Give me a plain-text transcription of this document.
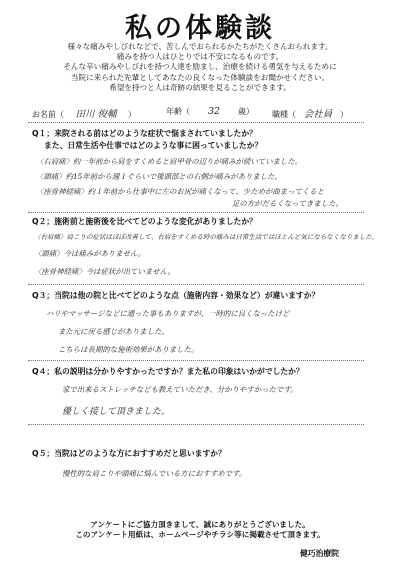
私の体験談
様々な痛みやしびれなどで、苦しんでおられるかたちがたくさんおられます。
痛みを持つ人はひとりでは不安になるものです。
そんな辛い痛みやしびれを持つ人達を励まし、治療を続ける勇気を与えるために
当院に来られた先輩としてあなたの良くなった体験談をお聞かせください。
希望を持つと人は奇跡の結果を見ることができます。
お名前（ 田川 俊輔 ）	年齢（ 32 歳） 職種（ 会社員 ）
Q１；来院される前はどのような症状で悩まされていましたか？
また、日常生活や仕事ではどのような事に困っていましたか？
〈右肩痛〉約一年前から肩をすくめると肩甲骨の辺りが痛みが続いていました。
〈頭痛〉約15年前から週１ぐらいで後頭部との右側が痛みがありました。
〈座骨神経痛〉約１年前から仕事中に左のお尻が痛くなって、少ためが曲まってくると
足の方がだるくなってきました。
Q２；施術前と施術後を比べてどのような変化がありましたか？
〈右肩痛〉肩こりの症状はほぼ改善して、右肩をすくめる時の痛みは日常生活ではほとんど気にならなくなりました。
〈頭痛〉今は痛みがありません。
〈座骨神経痛〉今は症状が出ていません。
Q３；当院は他の院と比べてどのような点（施術内容・効果など）が違いますか？
ハリやマッサージなどに通った事もありますが、一時的に良くなったけど
また元に戻る感じがありました。
こちらは長期的な施術効果がありました。
Q４；私の説明は分かりやすかったですか？また私の印象はいかがでしたか？
家で出来るストレッチなども教えていただき、分かりやすかったです。
優しく接して頂きました。
Q５；当院はどのような方におすすめだと思いますか？
慢性的な肩こりや頭痛に悩んでいる方におすすめです。
アンケートにご協力頂きまして、誠にありがとうございました。
このアンケート用紙は、ホームページやチラシ等に掲載させて頂きます。
健巧治療院
